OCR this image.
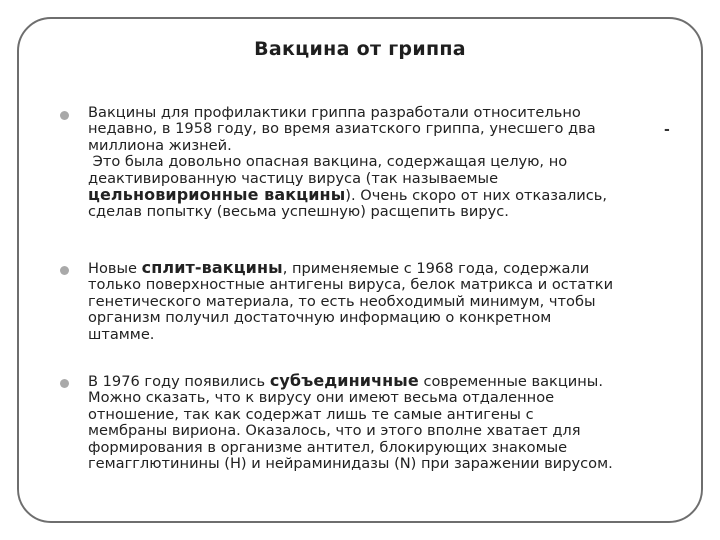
Вакцина от гриппа
-
Вакцины для профилактики гриппа разработали относительно
недавно, в 1958 году, во время азиатского гриппа, унесшего два
миллиона жизней.
Это была довольно опасная вакцина, содержащая целую, но
деактивированную частицу вируса (так называемые
цельновирионные вакцины). Очень скоро от них отказались,
сделав попытку (весьма успешную) расщепить вирус.
Новые сплит-вакцины, применяемые с 1968 года, содержали
только поверхностные антигены вируса, белок матрикса и остатки
генетического материала, то есть необходимый минимум, чтобы
организм получил достаточную информацию о конкретном
штамме.
В 1976 году появились субъединичные современные вакцины.
Можно сказать, что к вирусу они имеют весьма отдаленное
отношение, так как содержат лишь те самые антигены с
мембраны вириона. Оказалось, что и этого вполне хватает для
формирования в организме антител, блокирующих знакомые
гемагглютинины (H) и нейраминидазы (N) при заражении вирусом.
